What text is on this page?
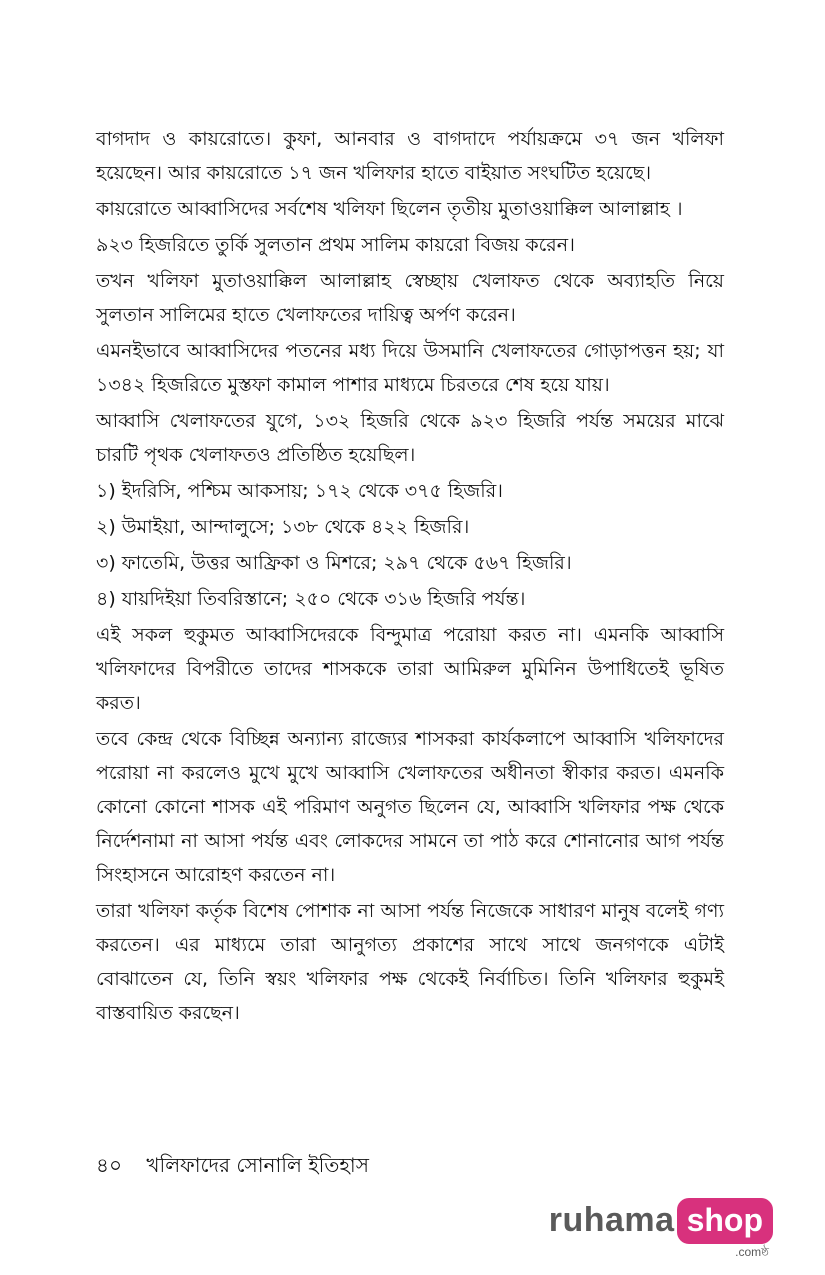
বাগদাদ ও কায়রোতে। কুফা, আনবার ও বাগদাদে পর্যায়ক্রমে ৩৭ জন খলিফা হয়েছেন। আর কায়রোতে ১৭ জন খলিফার হাতে বাইয়াত সংঘটিত হয়েছে।

কায়রোতে আব্বাসিদের সর্বশেষ খলিফা ছিলেন তৃতীয় মুতাওয়াক্কিল আলাল্লাহ ।

৯২৩ হিজরিতে তুর্কি সুলতান প্রথম সালিম কায়রো বিজয় করেন।

তখন খলিফা মুতাওয়াক্কিল আলাল্লাহ স্বেচ্ছায় খেলাফত থেকে অব্যাহতি নিয়ে সুলতান সালিমের হাতে খেলাফতের দায়িত্ব অর্পণ করেন।

এমনইভাবে আব্বাসিদের পতনের মধ্য দিয়ে উসমানি খেলাফতের গোড়াপত্তন হয়; যা ১৩৪২ হিজরিতে মুস্তফা কামাল পাশার মাধ্যমে চিরতরে শেষ হয়ে যায়।

আব্বাসি খেলাফতের যুগে, ১৩২ হিজরি থেকে ৯২৩ হিজরি পর্যন্ত সময়ের মাঝে চারটি পৃথক খেলাফতও প্রতিষ্ঠিত হয়েছিল।

১) ইদরিসি, পশ্চিম আকসায়; ১৭২ থেকে ৩৭৫ হিজরি।

২) উমাইয়া, আন্দালুসে; ১৩৮ থেকে ৪২২ হিজরি।

৩) ফাতেমি, উত্তর আফ্রিকা ও মিশরে; ২৯৭ থেকে ৫৬৭ হিজরি।

৪) যায়দিইয়া তিবরিস্তানে; ২৫০ থেকে ৩১৬ হিজরি পর্যন্ত।

এই সকল হুকুমত আব্বাসিদেরকে বিন্দুমাত্র পরোয়া করত না। এমনকি আব্বাসি খলিফাদের বিপরীতে তাদের শাসককে তারা আমিরুল মুমিনিন উপাধিতেই ভূষিত করত।

তবে কেন্দ্র থেকে বিচ্ছিন্ন অন্যান্য রাজ্যের শাসকরা কার্যকলাপে আব্বাসি খলিফাদের পরোয়া না করলেও মুখে মুখে আব্বাসি খেলাফতের অধীনতা স্বীকার করত। এমনকি কোনো কোনো শাসক এই পরিমাণ অনুগত ছিলেন যে, আব্বাসি খলিফার পক্ষ থেকে নির্দেশনামা না আসা পর্যন্ত এবং লোকদের সামনে তা পাঠ করে শোনানোর আগ পর্যন্ত সিংহাসনে আরোহণ করতেন না।

তারা খলিফা কর্তৃক বিশেষ পোশাক না আসা পর্যন্ত নিজেকে সাধারণ মানুষ বলেই গণ্য করতেন। এর মাধ্যমে তারা আনুগত্য প্রকাশের সাথে সাথে জনগণকে এটাই বোঝাতেন যে, তিনি স্বয়ং খলিফার পক্ষ থেকেই নির্বাচিত। তিনি খলিফার হুকুমই বাস্তবায়িত করছেন।

৪০ খলিফাদের সোনালি ইতিহাস
ruhama shop
.comষ্ঠ
